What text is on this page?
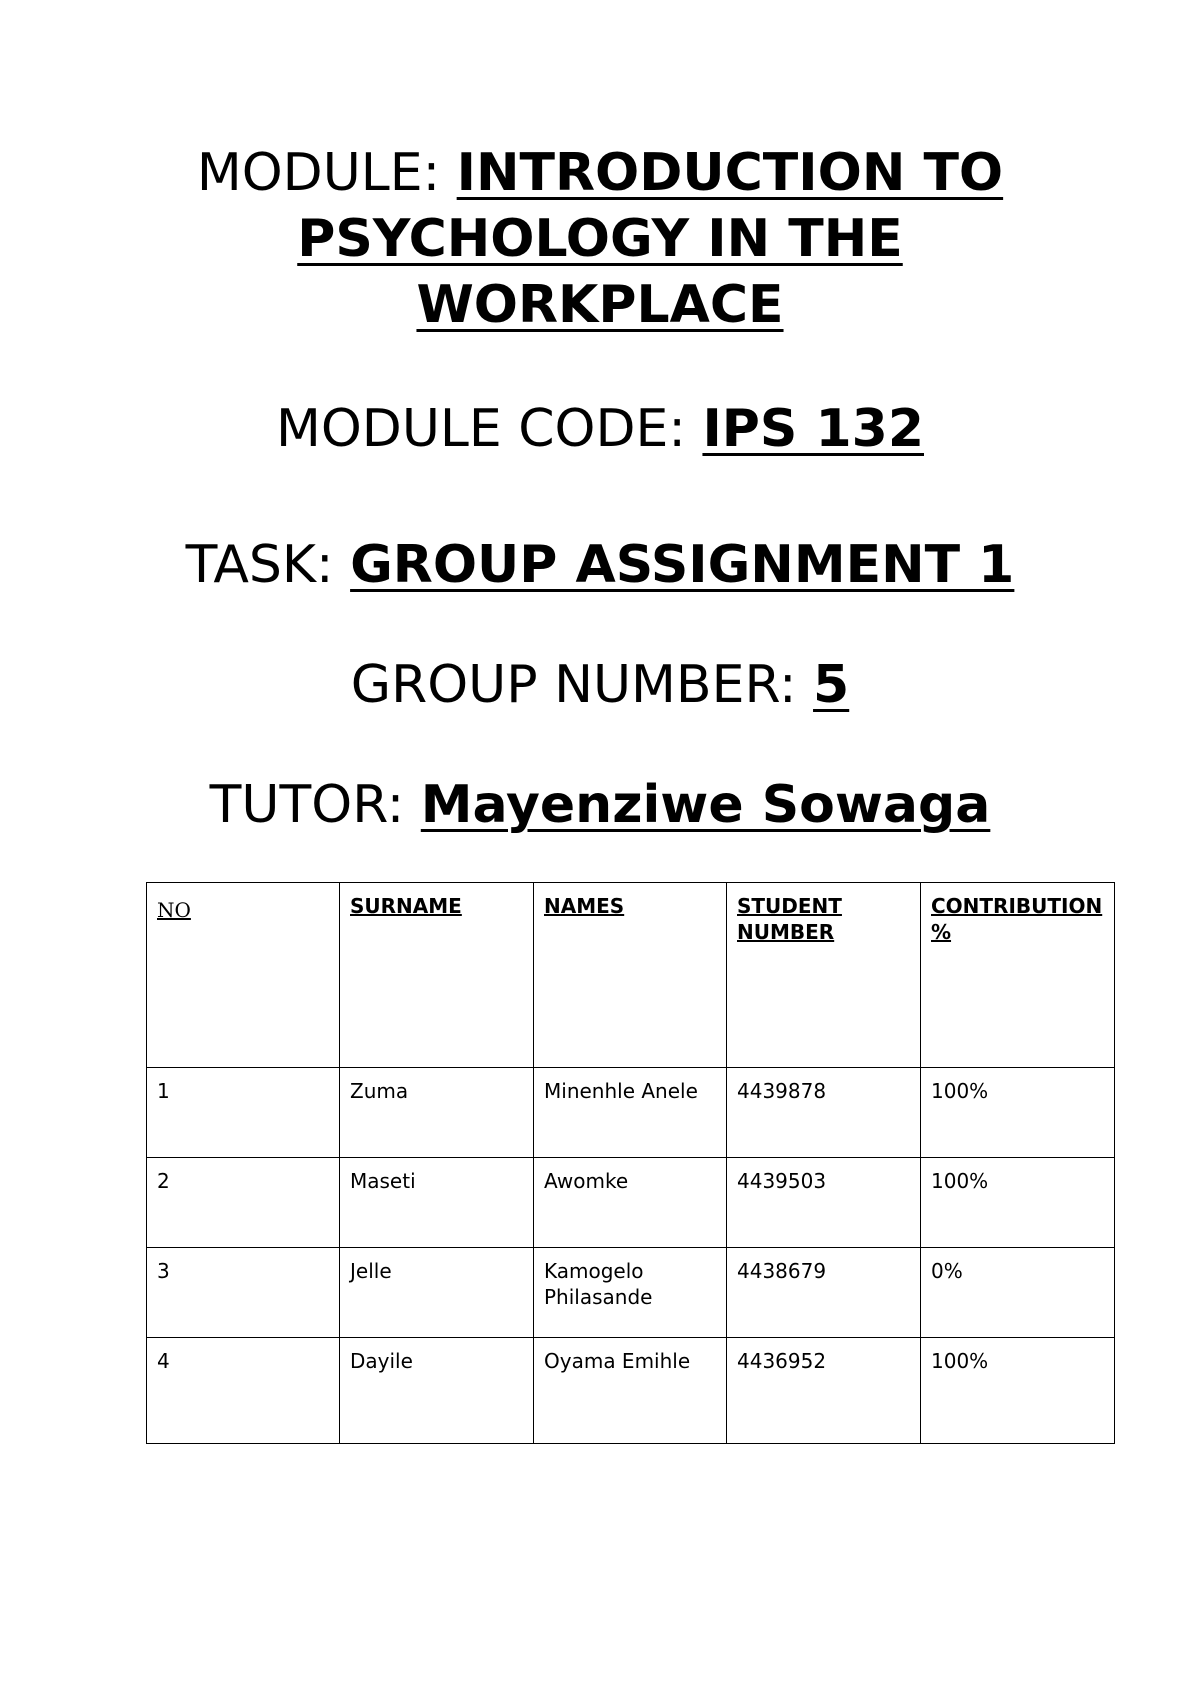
MODULE: INTRODUCTION TO PSYCHOLOGY IN THE WORKPLACE

MODULE CODE: IPS 132

TASK: GROUP ASSIGNMENT 1

GROUP NUMBER: 5

TUTOR: Mayenziwe Sowaga

NO	SURNAME	NAMES	STUDENT NUMBER	CONTRIBUTION %
1	Zuma	Minenhle Anele	4439878	100%
2	Maseti	Awomke	4439503	100%
3	Jelle	Kamogelo Philasande	4438679	0%
4	Dayile	Oyama Emihle	4436952	100%
